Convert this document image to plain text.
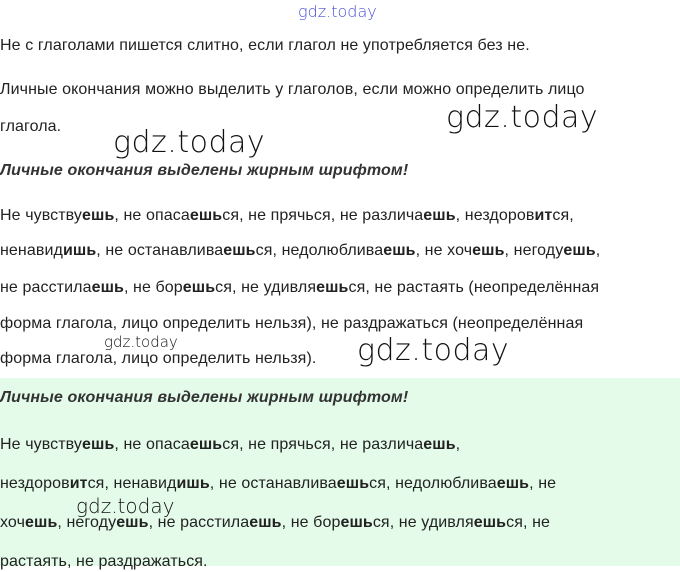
gdz.today

Не с глаголами пишется слитно, если глагол не употребляется без не.

Личные окончания можно выделить у глаголов, если можно определить лицо

глагола.	gdz.today
gdz.today

Личные окончания выделены жирным шрифтом!

Не чувствуешь, не опасаешься, не прячься, не различаешь, нездоровится,

ненавидишь, не останавливаешься, недолюбливаешь, не хочешь, негодуешь,

не расстилаешь, не борешься, не удивляешься, не растаять (неопределённая

форма глагола, лицо определить нельзя), не раздражаться (неопределённая

форма глагола, лицо определить нельзя).

gdz.today	gdz.today

Личные окончания выделены жирным шрифтом!

Не чувствуешь, не опасаешься, не прячься, не различаешь,

нездоровится, ненавидишь, не останавливаешься, недолюбливаешь, не

хочешь, негодуешь, не расстилаешь, не борешься, не удивляешься, не

растаять, не раздражаться.

gdz.today
